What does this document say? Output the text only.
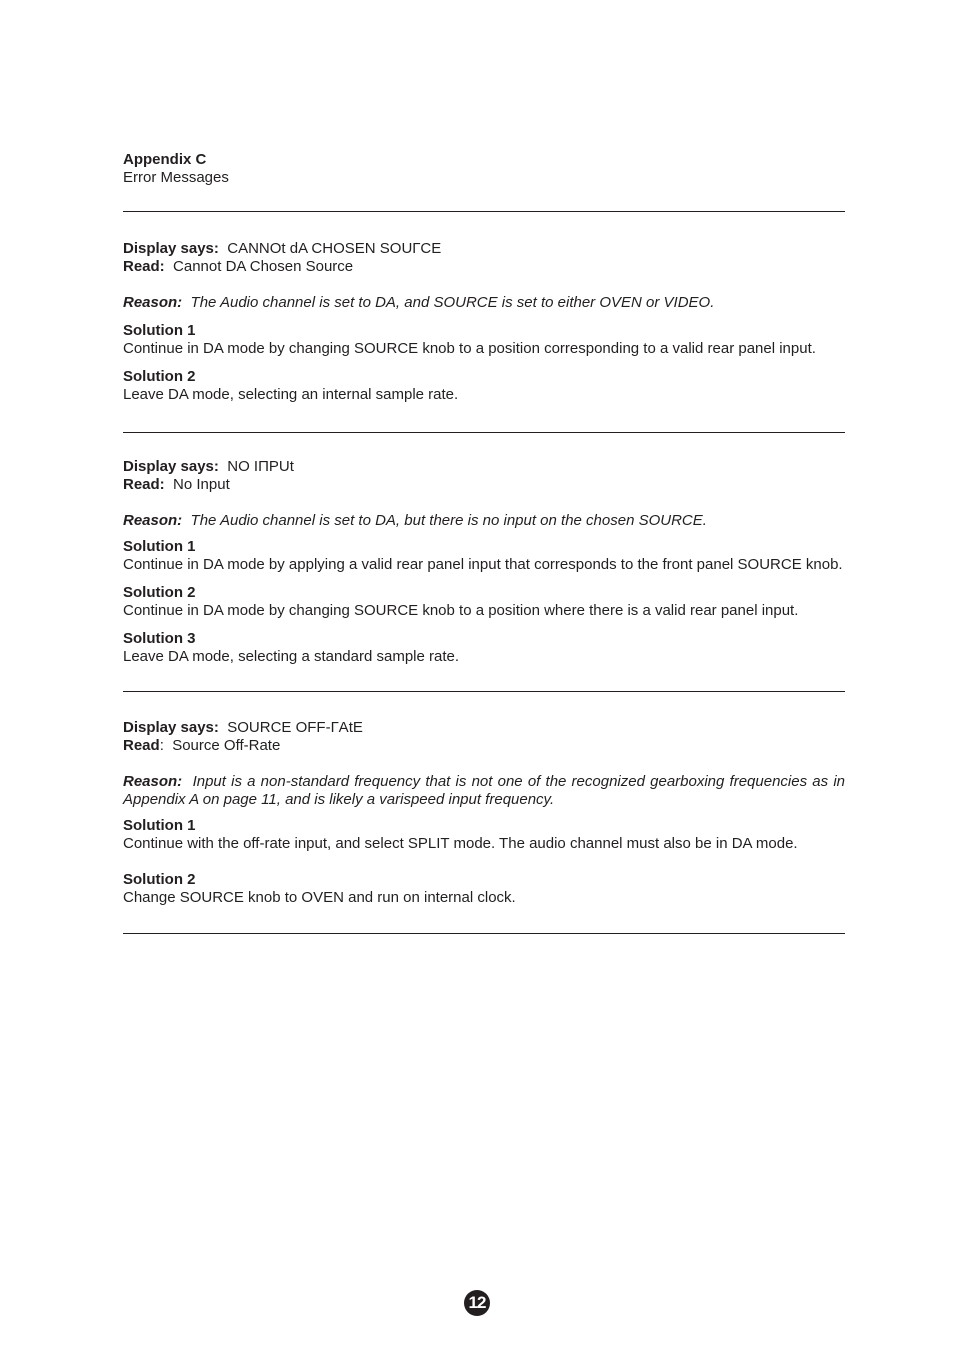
Appendix C
Error Messages
Display says: CANNOt dA CHOSEN SOUГCE
Read: Cannot DA Chosen Source
Reason: The Audio channel is set to DA, and SOURCE is set to either OVEN or VIDEO.
Solution 1
Continue in DA mode by changing SOURCE knob to a position corresponding to a valid rear panel input.
Solution 2
Leave DA mode, selecting an internal sample rate.
Display says: NO IПPUt
Read: No Input
Reason: The Audio channel is set to DA, but there is no input on the chosen SOURCE.
Solution 1
Continue in DA mode by applying a valid rear panel input that corresponds to the front panel SOURCE knob.
Solution 2
Continue in DA mode by changing SOURCE knob to a position where there is a valid rear panel input.
Solution 3
Leave DA mode, selecting a standard sample rate.
Display says: SOURCE OFF-ГAtE
Read:  Source Off-Rate
Reason: Input is a non-standard frequency that is not one of the recognized gearboxing frequencies as in Appendix A on page 11, and is likely a varispeed input frequency.
Solution 1
Continue with the off-rate input, and select SPLIT mode. The audio channel must also be in DA mode.
Solution 2
Change SOURCE knob to OVEN and run on internal clock.
12
